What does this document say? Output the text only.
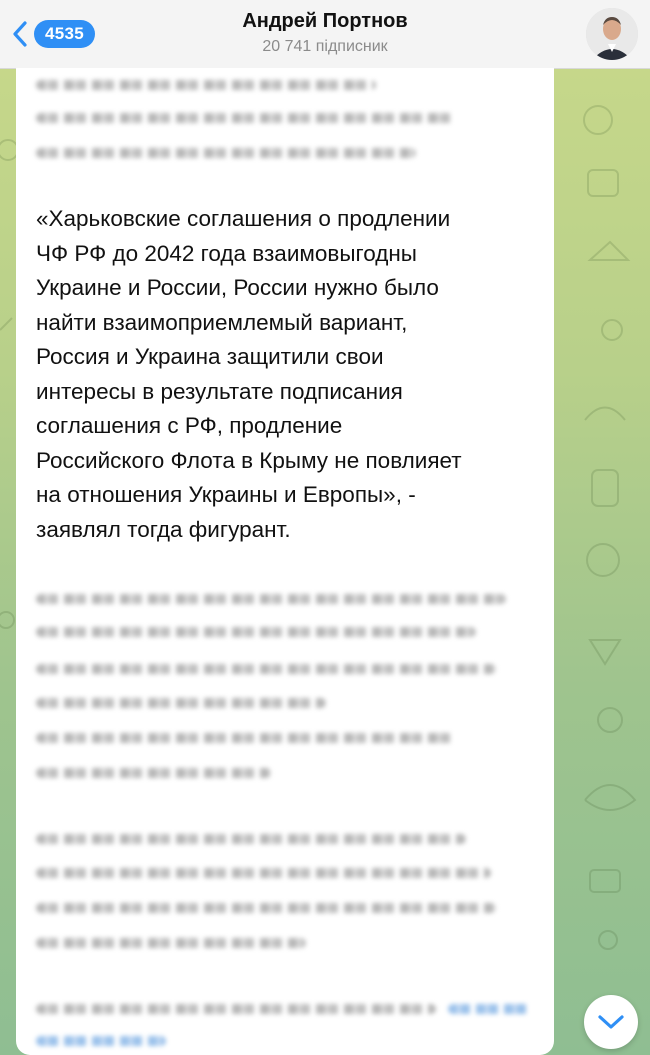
4535
Андрей Портнов
20 741 підписник
«Харьковские соглашения о продлении
ЧФ РФ до 2042 года взаимовыгодны
Украине и России, России нужно было
найти взаимоприемлемый вариант,
Россия и Украина защитили свои
интересы в результате подписания
соглашения с РФ, продление
Российского Флота в Крыму не повлияет
на отношения Украины и Европы», -
заявлял тогда фигурант.
